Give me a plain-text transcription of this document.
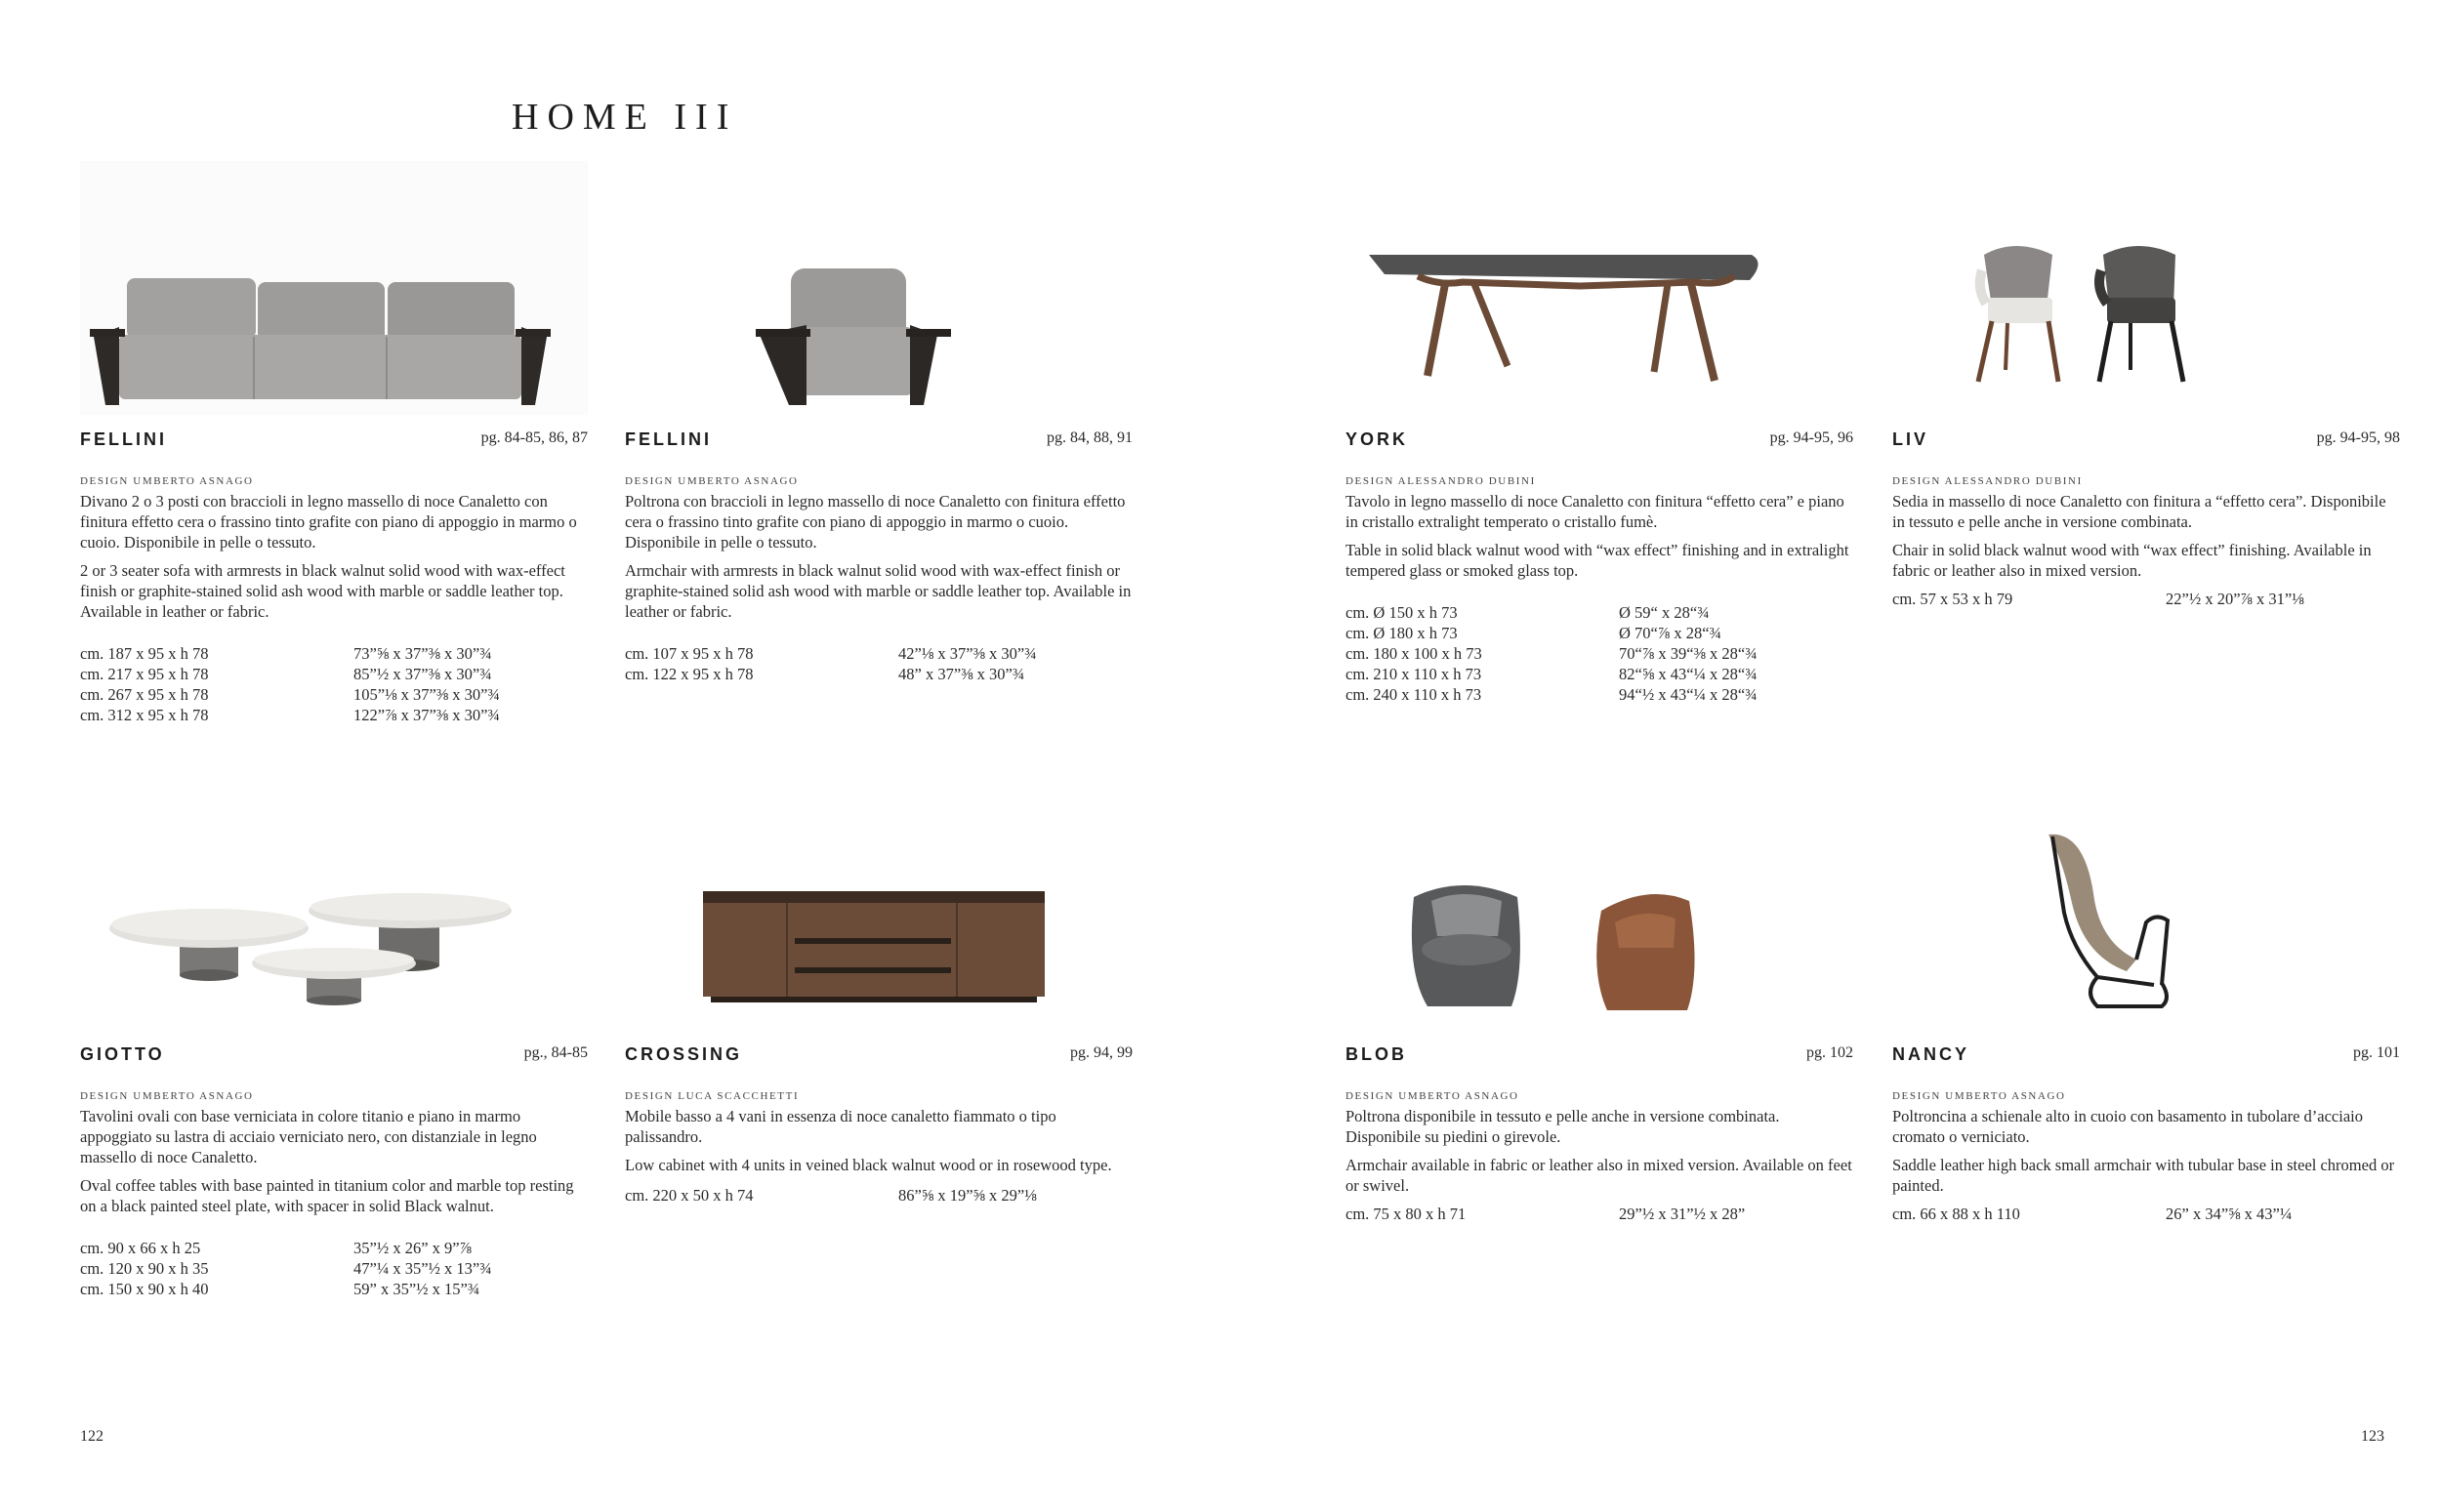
HOME III
FELLINI	pg. 84-85, 86, 87
DESIGN UMBERTO ASNAGO

Divano 2 o 3 posti con braccioli in legno massello di noce Canaletto con finitura effetto cera o frassino tinto grafite con piano di appoggio in marmo o cuoio. Disponibile in pelle o tessuto.

2 or 3 seater sofa with armrests in black walnut solid wood with wax-effect finish or graphite-stained solid ash wood with marble or saddle leather top. Available in leather or fabric.

cm. 187 x 95 x h 78	73”⅝ x 37”⅜ x 30”¾
cm. 217 x 95 x h 78	85”½ x 37”⅜ x 30”¾
cm. 267 x 95 x h 78	105”⅛ x 37”⅜ x 30”¾
cm. 312 x 95 x h 78	122”⅞ x 37”⅜ x 30”¾
FELLINI	pg. 84, 88, 91
DESIGN UMBERTO ASNAGO

Poltrona con braccioli in legno massello di noce Canaletto con finitura effetto cera o frassino tinto grafite con piano di appoggio in marmo o cuoio. Disponibile in pelle o tessuto.

Armchair with armrests in black walnut solid wood with wax-effect finish or graphite-stained solid ash wood with marble or saddle leather top. Available in leather or fabric.

cm. 107 x 95 x h 78	42”⅛ x 37”⅜ x 30”¾
cm. 122 x 95 x h 78	48” x 37”⅜ x 30”¾
YORK	pg. 94-95, 96
DESIGN ALESSANDRO DUBINI

Tavolo in legno massello di noce Canaletto con finitura “effetto cera” e piano in cristallo extralight temperato o cristallo fumè.

Table in solid black walnut wood with “wax effect” finishing and in extralight tempered glass or smoked glass top.

cm. Ø 150 x h 73	Ø 59“ x 28“¾
cm. Ø 180 x h 73	Ø 70“⅞ x 28“¾
cm. 180 x 100 x h 73	70“⅞ x 39“⅜ x 28“¾
cm. 210 x 110 x h 73	82“⅝ x 43“¼ x 28“¾
cm. 240 x 110 x h 73	94“½ x 43“¼ x 28“¾
LIV	pg. 94-95, 98
DESIGN ALESSANDRO DUBINI

Sedia in massello di noce Canaletto con finitura a “effetto cera”. Disponibile in tessuto e pelle anche in versione combinata.

Chair in solid black walnut wood with “wax effect” finishing. Available in fabric or leather also in mixed version.

cm. 57 x 53 x h 79	22”½ x 20”⅞ x 31”⅛
GIOTTO	pg., 84-85
DESIGN UMBERTO ASNAGO

Tavolini ovali con base verniciata in colore titanio e piano in marmo appoggiato su lastra di acciaio verniciato nero, con distanziale in legno massello di noce Canaletto.

Oval coffee tables with base painted in titanium color and marble top resting on a black painted steel plate, with spacer in solid Black walnut.

cm. 90 x 66 x h 25	35”½ x 26” x 9”⅞
cm. 120 x 90 x h 35	47”¼ x 35”½ x 13”¾
cm. 150 x 90 x h 40	59” x 35”½ x 15”¾
CROSSING	pg. 94, 99
DESIGN LUCA SCACCHETTI

Mobile basso a 4 vani in essenza di noce canaletto fiammato o tipo palissandro.

Low cabinet with 4 units in veined black walnut wood or in rosewood type.

cm. 220 x 50 x h 74	86”⅝ x 19”⅝ x 29”⅛
BLOB	pg. 102
DESIGN UMBERTO ASNAGO

Poltrona disponibile in tessuto e pelle anche in versione combinata. Disponibile su piedini o girevole.

Armchair available in fabric or leather also in mixed version. Available on feet or swivel.

cm. 75 x 80 x h 71	29”½ x 31”½ x 28”
NANCY	pg. 101
DESIGN UMBERTO ASNAGO

Poltroncina a schienale alto in cuoio con basamento in tubolare d’acciaio cromato o verniciato.

Saddle leather high back small armchair with tubular base in steel chromed or painted.

cm. 66 x 88 x h 110	26” x 34”⅝ x 43”¼
122	123
